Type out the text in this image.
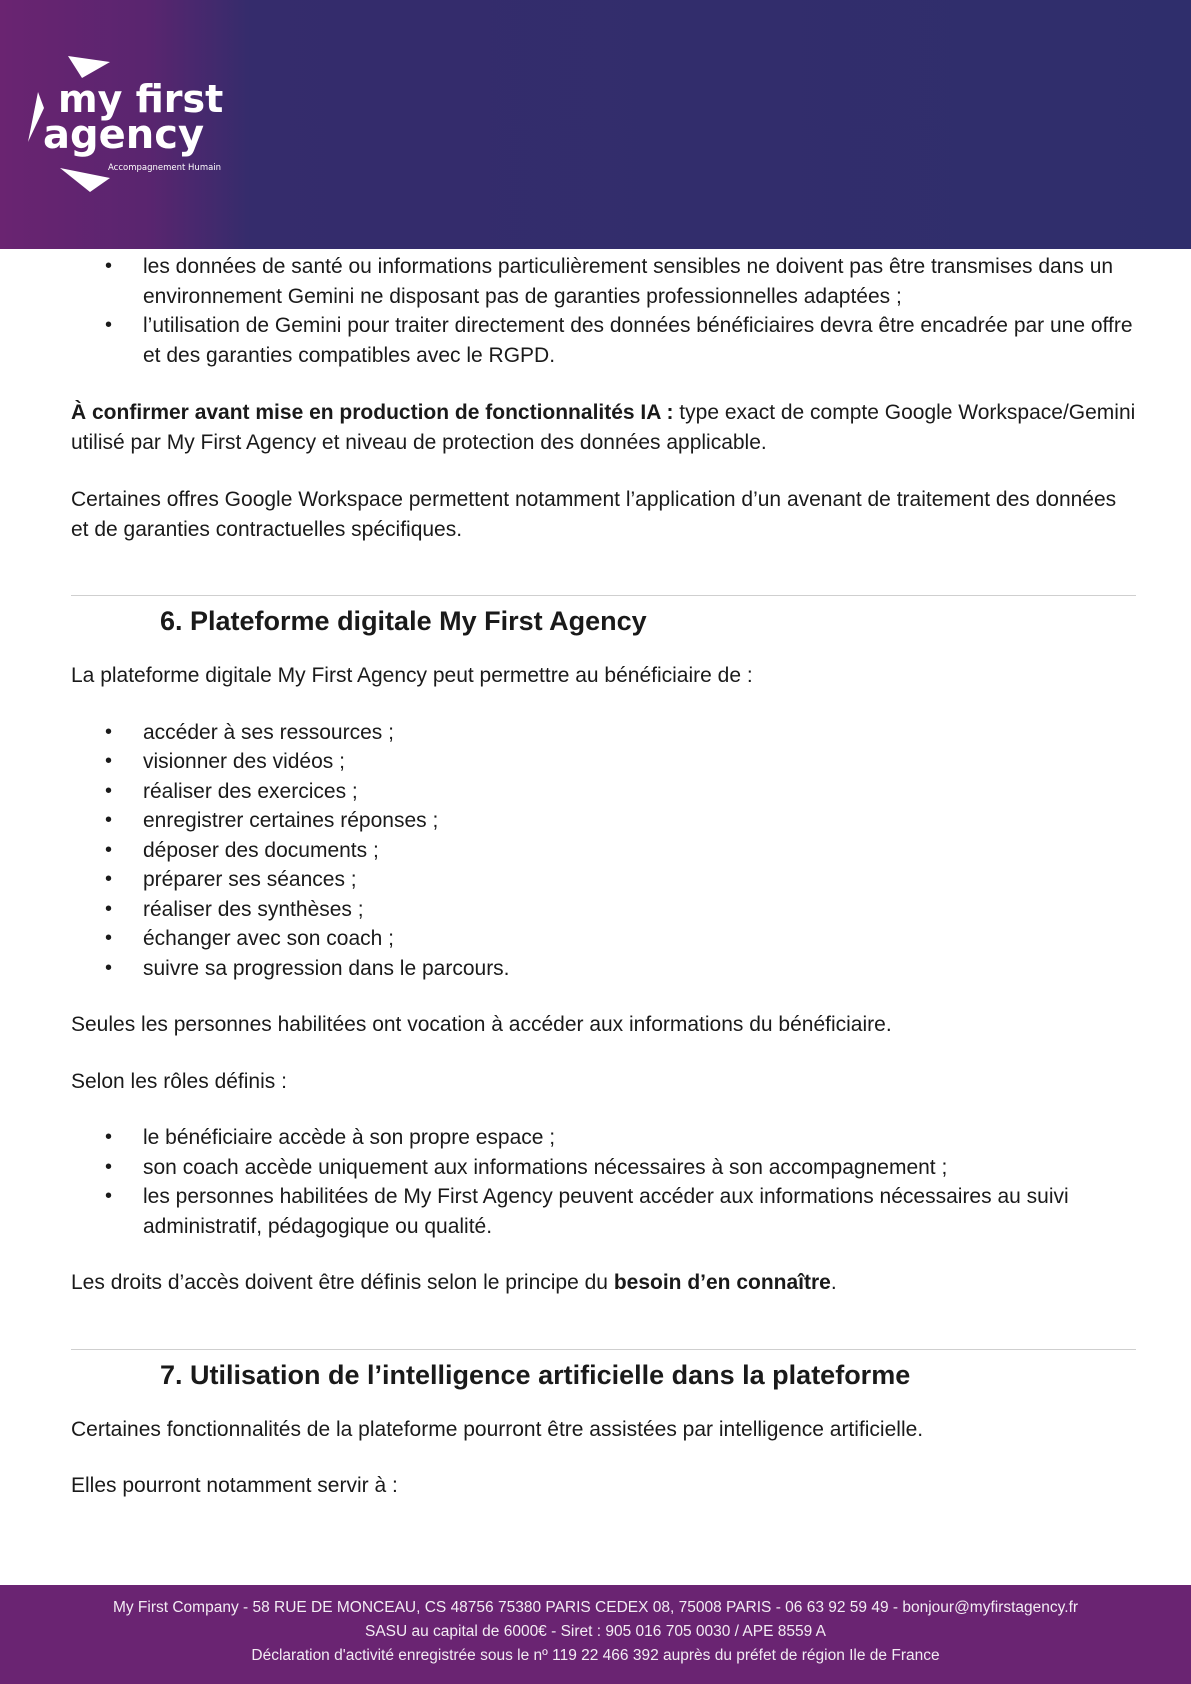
my first
agency
Accompagnement Humain
• les données de santé ou informations particulièrement sensibles ne doivent pas être transmises dans un environnement Gemini ne disposant pas de garanties professionnelles adaptées ;
• l’utilisation de Gemini pour traiter directement des données bénéficiaires devra être encadrée par une offre et des garanties compatibles avec le RGPD.

À confirmer avant mise en production de fonctionnalités IA : type exact de compte Google Workspace/Gemini utilisé par My First Agency et niveau de protection des données applicable.

Certaines offres Google Workspace permettent notamment l’application d’un avenant de traitement des données et de garanties contractuelles spécifiques.

6. Plateforme digitale My First Agency

La plateforme digitale My First Agency peut permettre au bénéficiaire de :

• accéder à ses ressources ;
• visionner des vidéos ;
• réaliser des exercices ;
• enregistrer certaines réponses ;
• déposer des documents ;
• préparer ses séances ;
• réaliser des synthèses ;
• échanger avec son coach ;
• suivre sa progression dans le parcours.

Seules les personnes habilitées ont vocation à accéder aux informations du bénéficiaire.

Selon les rôles définis :

• le bénéficiaire accède à son propre espace ;
• son coach accède uniquement aux informations nécessaires à son accompagnement ;
• les personnes habilitées de My First Agency peuvent accéder aux informations nécessaires au suivi administratif, pédagogique ou qualité.

Les droits d’accès doivent être définis selon le principe du besoin d’en connaître.

7. Utilisation de l’intelligence artificielle dans la plateforme

Certaines fonctionnalités de la plateforme pourront être assistées par intelligence artificielle.

Elles pourront notamment servir à :

My First Company - 58 RUE DE MONCEAU, CS 48756 75380 PARIS CEDEX 08, 75008 PARIS - 06 63 92 59 49 - bonjour@myfirstagency.fr
SASU au capital de 6000€ - Siret : 905 016 705 0030 / APE 8559 A
Déclaration d'activité enregistrée sous le nº 119 22 466 392 auprès du préfet de région Ile de France
